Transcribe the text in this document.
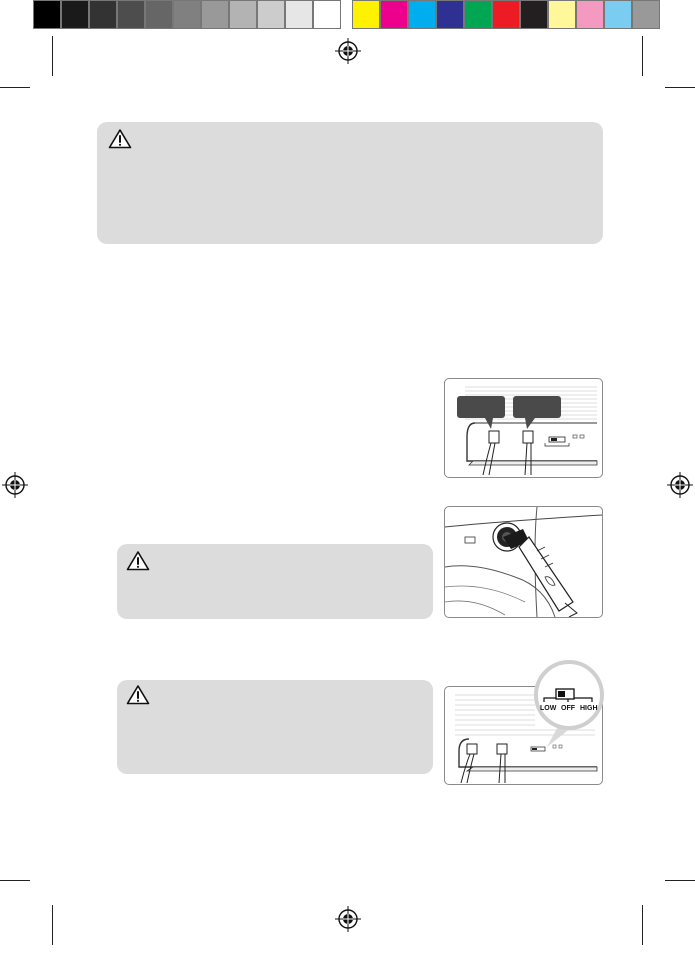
LOW OFF HIGH
